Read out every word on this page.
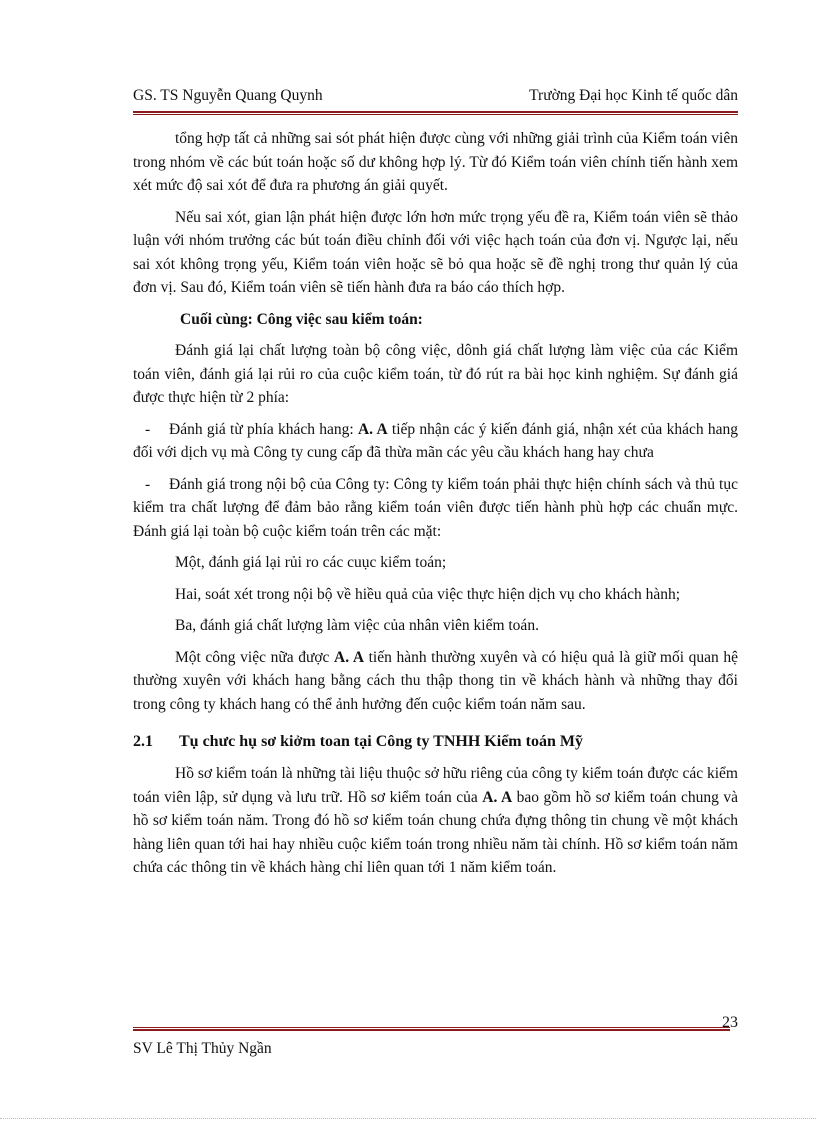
GS. TS Nguyễn Quang Quynh	Trường Đại học Kinh tế quốc dân

tổng hợp tất cả những sai sót phát hiện được cùng với những giải trình của Kiểm toán viên trong nhóm về các bút toán hoặc số dư không hợp lý. Từ đó Kiểm toán viên chính tiến hành xem xét mức độ sai xót để đưa ra phương án giải quyết.

Nếu sai xót, gian lận phát hiện được lớn hơn mức trọng yếu đề ra, Kiểm toán viên sẽ thảo luận với nhóm trưởng các bút toán điều chỉnh đối với việc hạch toán của đơn vị. Ngược lại, nếu sai xót không trọng yếu, Kiểm toán viên hoặc sẽ bỏ qua hoặc sẽ đề nghị trong thư quản lý của đơn vị. Sau đó, Kiểm toán viên sẽ tiến hành đưa ra báo cáo thích hợp.

Cuối cùng: Công việc sau kiểm toán:

Đánh giá lại chất lượng toàn bộ công việc, dônh giá chất lượng làm việc của các Kiểm toán viên, đánh giá lại rủi ro của cuộc kiểm toán, từ đó rút ra bài học kinh nghiệm. Sự đánh giá được thực hiện từ 2 phía:

- Đánh giá từ phía khách hang: A. A tiếp nhận các ý kiến đánh giá, nhận xét của khách hang đối với dịch vụ mà Công ty cung cấp đã thừa mãn các yêu cầu khách hang hay chưa

- Đánh giá trong nội bộ của Công ty: Công ty kiểm toán phải thực hiện chính sách và thủ tục kiểm tra chất lượng để đảm bảo rằng kiểm toán viên được tiến hành phù hợp các chuẩn mực. Đánh giá lại toàn bộ cuộc kiểm toán trên các mặt:

Một, đánh giá lại rủi ro các cuục kiểm toán;

Hai, soát xét trong nội bộ về hiều quả của việc thực hiện dịch vụ cho khách hành;

Ba, đánh giá chất lượng làm việc của nhân viên kiểm toán.

Một công việc nữa được A. A tiến hành thường xuyên và có hiệu quả là giữ mối quan hệ thường xuyên với khách hang bằng cách thu thập thong tin về khách hành và những thay đổi trong công ty khách hang có thể ảnh hưởng đến cuộc kiểm toán năm sau.

2.1	Tụ chưc hụ sơ kiởm toan tại Công ty TNHH Kiểm toán Mỹ

Hồ sơ kiểm toán là những tài liệu thuộc sở hữu riêng của công ty kiểm toán được các kiểm toán viên lập, sử dụng và lưu trữ. Hồ sơ kiểm toán của A. A bao gồm hồ sơ kiểm toán chung và hồ sơ kiểm toán năm. Trong đó hồ sơ kiểm toán chung chứa đựng thông tin chung về một khách hàng liên quan tới hai hay nhiều cuộc kiểm toán trong nhiều năm tài chính. Hồ sơ kiểm toán năm chứa các thông tin về khách hàng chỉ liên quan tới 1 năm kiểm toán.

23
SV Lê Thị Thủy Ngần
